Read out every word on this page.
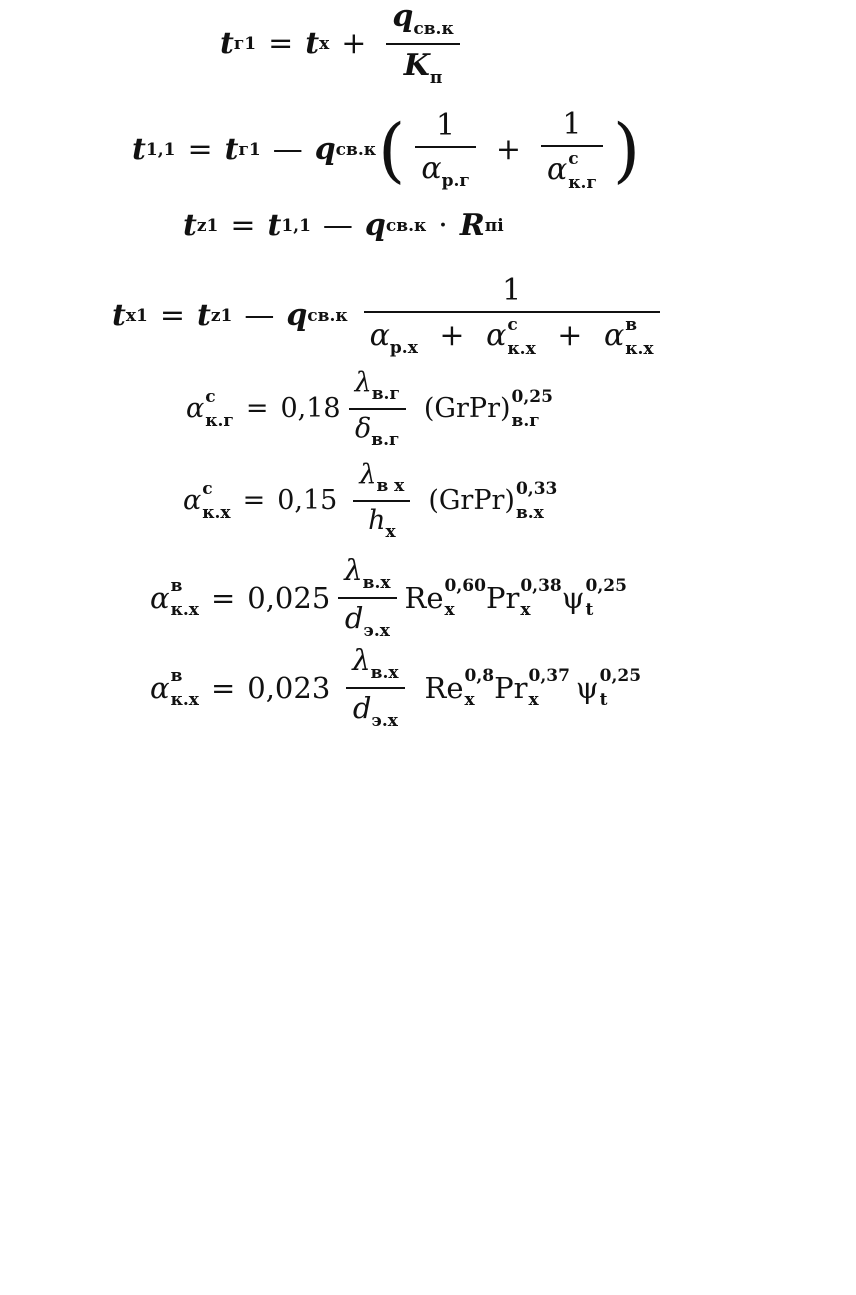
t г1 = t $х + \frac{q_{св.к}}{K_п}$
t 1,1 = t г1 — q св.к ( $\frac{1}{\alpha_{р.г}} + 1$
α с
к.г )
t z1 = t 1,1 — q св.к · R пi
t х1 = t z1 — q св.к 1
$\alpha_{р.х} + \alpha$ с
к.х + α в
к.х
α с
$к.г = 0,18 \frac{\lambda_{в.г}}{\delta_{в.г}}$ (GrPr) 0,25
в.г
α с
$к.х = 0,15 \frac{\lambda_{в х}}{h_х}$ (GrPr) 0,33
в.х
α в
$к.х = 0,025 \frac{\lambda_{в.х}}{d_{э.х}}$ Re 0,60
х	Pr 0,38
х	ψ 0,25
t
α в
$к.х = 0,023 \frac{\lambda_{в.х}}{d_{э.х}}$ Re 0,8
х Pr 0,37
х	ψ 0,25
t
